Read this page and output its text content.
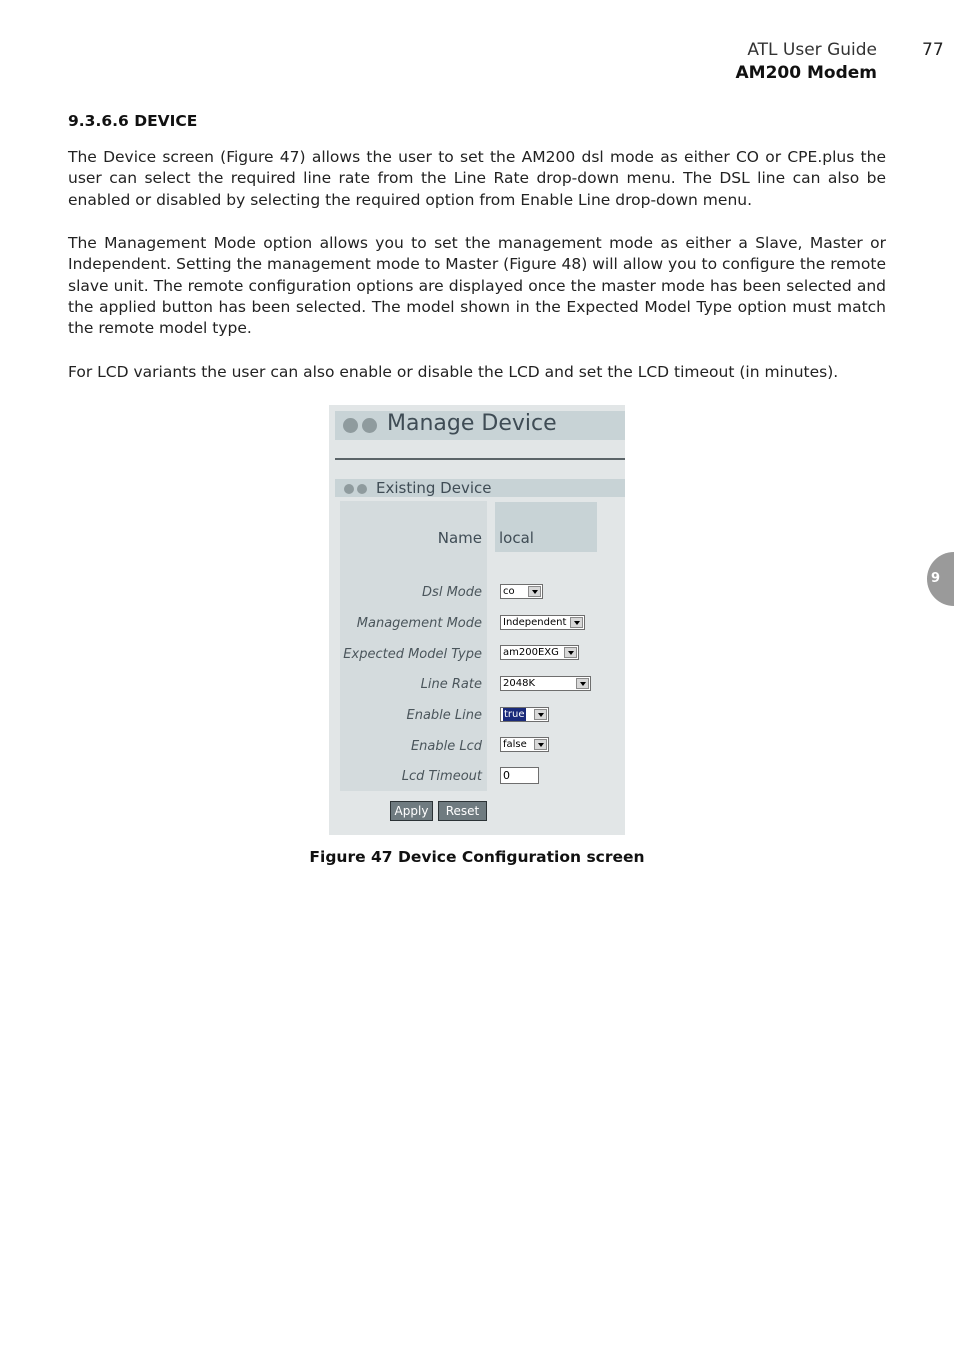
ATL User Guide
AM200 Modem
77
9
9.3.6.6 DEVICE
The Device screen (Figure 47) allows the user to set the AM200 dsl mode as either CO or CPE.plus the user can select the required line rate from the Line Rate drop-down menu. The DSL line can also be enabled or disabled by selecting the required option from Enable Line drop-down menu.
The Management Mode option allows you to set the management mode as either a Slave, Master or Independent. Setting the management mode to Master (Figure 48) will allow you to configure the remote slave unit. The remote configuration options are displayed once the master mode has been selected and the applied button has been selected. The model shown in the Expected Model Type option must match the remote model type.
For LCD variants the user can also enable or disable the LCD and set the LCD timeout (in minutes).
Manage Device
Existing Device
Name local
Dsl Mode co
Management Mode Independent
Expected Model Type am200EXG
Line Rate 2048K
Enable Line true
Enable Lcd false
Lcd Timeout 0
Apply	Reset
Figure 47 Device Configuration screen
